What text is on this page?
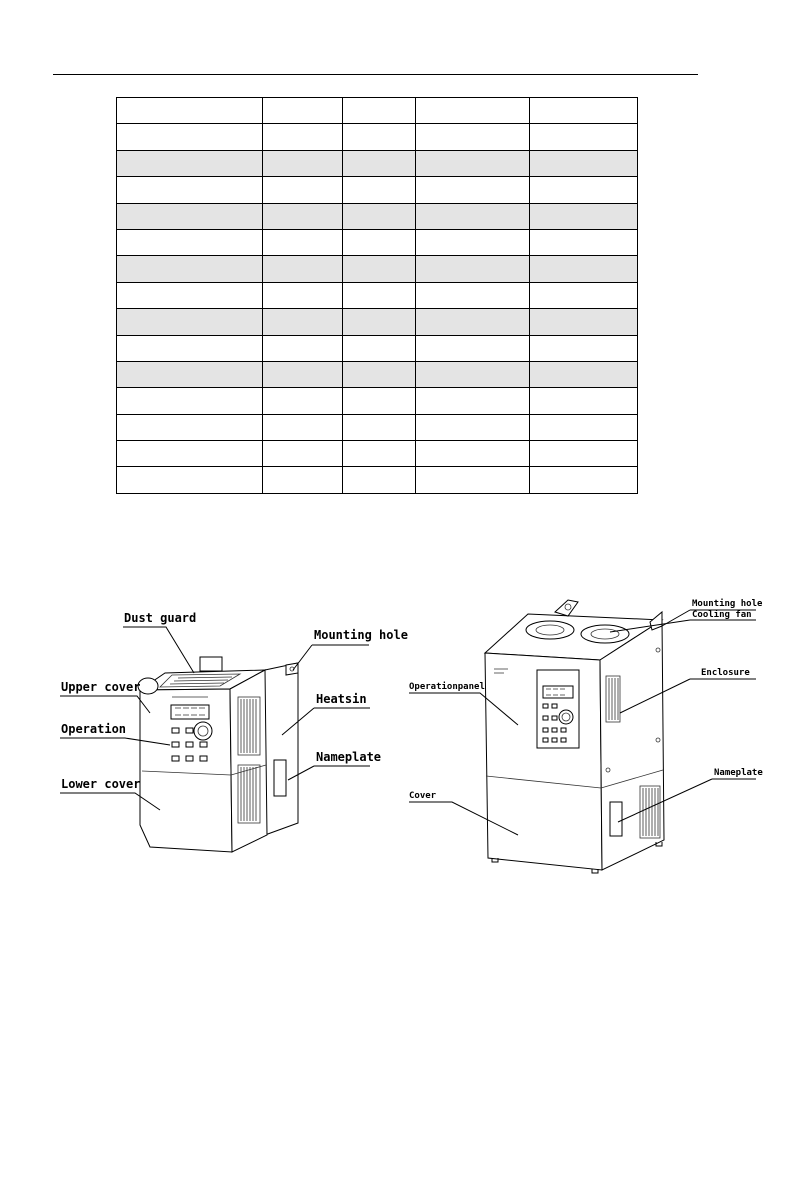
Dust guard
Mounting hole
Upper cover
Heatsin
Operation
Nameplate
Lower cover
Mounting hole
Cooling fan
Operationpanel
Enclosure
Nameplate
Cover
